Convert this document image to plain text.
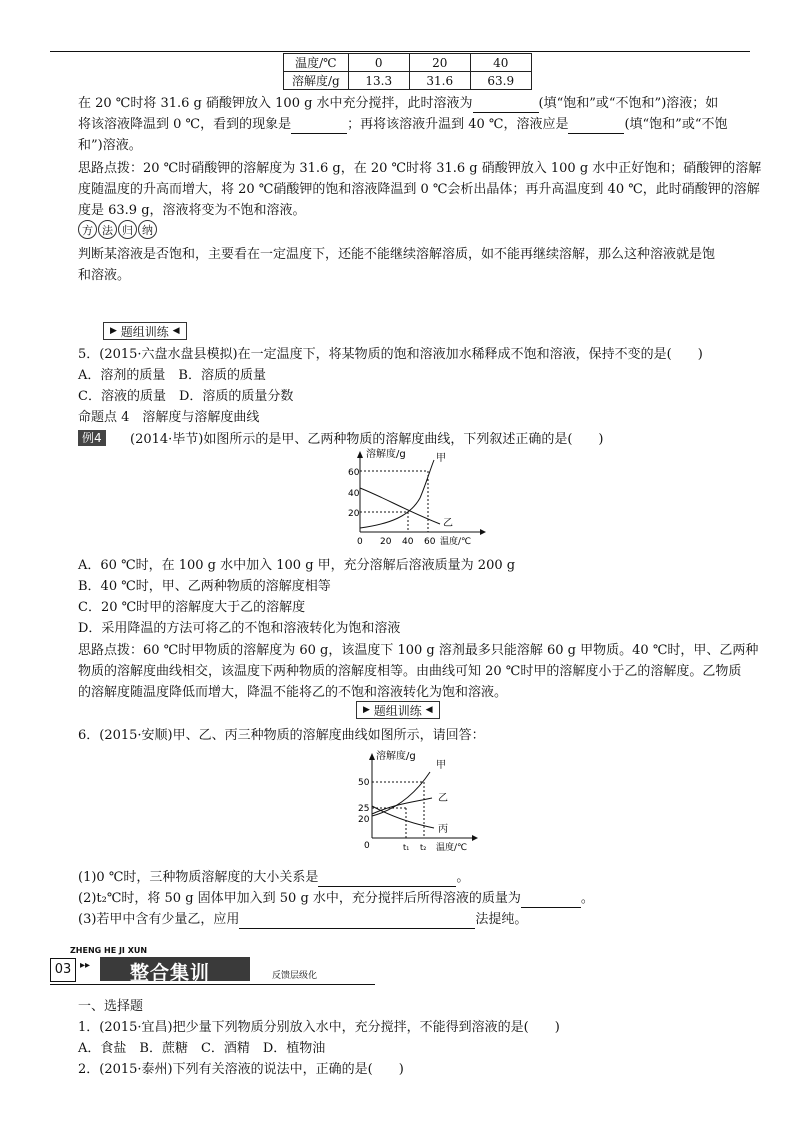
温度/℃	0	20	40
溶解度/g	13.3	31.6	63.9
在 20 ℃时将 31.6 g 硝酸钾放入 100 g 水中充分搅拌，此时溶液为	(填“饱和”或“不饱和”)溶液；如
将该溶液降温到 0 ℃，看到的现象是	；再将该溶液升温到 40 ℃，溶液应是	(填“饱和”或“不饱
和”)溶液。
思路点拨：20 ℃时硝酸钾的溶解度为 31.6 g，在 20 ℃时将 31.6 g 硝酸钾放入 100 g 水中正好饱和；硝酸钾的溶解
度随温度的升高而增大，将 20 ℃硝酸钾的饱和溶液降温到 0 ℃会析出晶体；再升高温度到 40 ℃，此时硝酸钾的溶解
度是 63.9 g，溶液将变为不饱和溶液。
方 法 归 纳
判断某溶液是否饱和，主要看在一定温度下，还能不能继续溶解溶质，如不能再继续溶解，那么这种溶液就是饱
和溶液。
▶
题组训练
◀
5．(2015·六盘水盘县模拟)在一定温度下，将某物质的饱和溶液加水稀释成不饱和溶液，保持不变的是(　　)
A．溶剂的质量　B．溶质的质量
C．溶液的质量　D．溶质的质量分数
命题点 4　溶解度与溶解度曲线
例4	(2014·毕节)如图所示的是甲、乙两种物质的溶解度曲线，下列叙述正确的是(　　)
溶解度/g
60
40
20
0 20 40 60 温度/℃
甲
乙
A．60 ℃时，在 100 g 水中加入 100 g 甲，充分溶解后溶液质量为 200 g
B．40 ℃时，甲、乙两种物质的溶解度相等
C．20 ℃时甲的溶解度大于乙的溶解度
D．采用降温的方法可将乙的不饱和溶液转化为饱和溶液
思路点拨：60 ℃时甲物质的溶解度为 60 g，该温度下 100 g 溶剂最多只能溶解 60 g 甲物质。40 ℃时，甲、乙两种
物质的溶解度曲线相交，该温度下两种物质的溶解度相等。由曲线可知 20 ℃时甲的溶解度小于乙的溶解度。乙物质
的溶解度随温度降低而增大，降温不能将乙的不饱和溶液转化为饱和溶液。
▶
题组训练
◀
6．(2015·安顺)甲、乙、丙三种物质的溶解度曲线如图所示，请回答：
溶解度/g
50
25
20
0	t₁ t₂ 温度/℃
甲
乙
丙
(1)0 ℃时，三种物质溶解度的大小关系是	。
(2)t₂℃时，将 50 g 固体甲加入到 50 g 水中，充分搅拌后所得溶液的质量为	。
(3)若甲中含有少量乙，应用	法提纯。
ZHENG HE JI XUN
03 ▸▸ 整合集训	反馈层级化
一、选择题
1．(2015·宜昌)把少量下列物质分别放入水中，充分搅拌，不能得到溶液的是(　　)
A．食盐　B．蔗糖　C．酒精　D．植物油
2．(2015·泰州)下列有关溶液的说法中，正确的是(　　)
